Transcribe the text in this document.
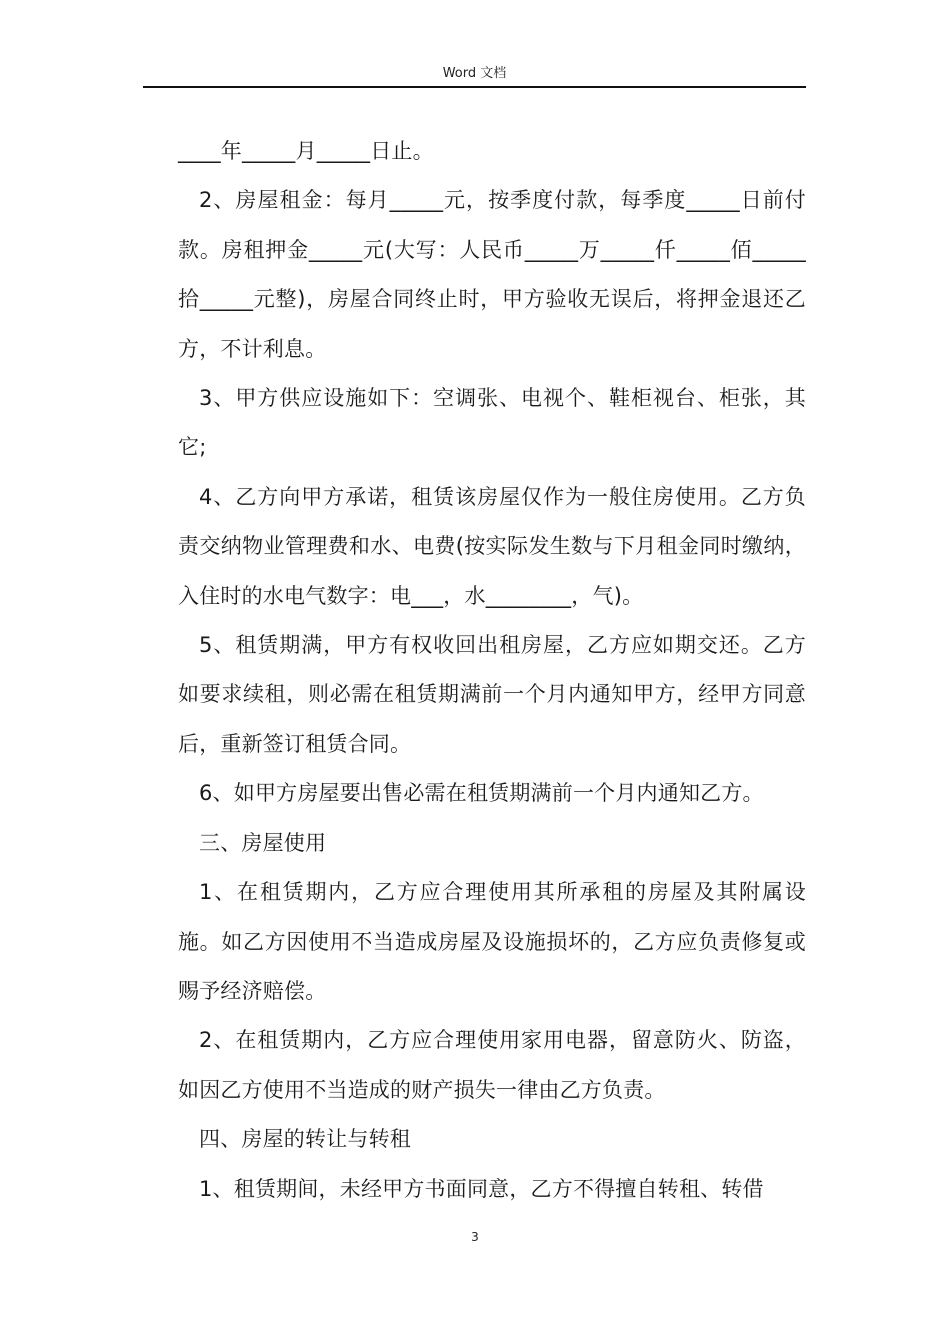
Word 文档

____年_____月_____日止。

2、房屋租金：每月_____元，按季度付款，每季度_____日前付款。房租押金_____元(大写：人民币_____万_____仟_____佰_____拾_____元整)，房屋合同终止时，甲方验收无误后，将押金退还乙方，不计利息。

3、甲方供应设施如下：空调张、电视个、鞋柜视台、柜张，其它;

4、乙方向甲方承诺，租赁该房屋仅作为一般住房使用。乙方负责交纳物业管理费和水、电费(按实际发生数与下月租金同时缴纳，入住时的水电气数字：电___，水________，气)。

5、租赁期满，甲方有权收回出租房屋，乙方应如期交还。乙方如要求续租，则必需在租赁期满前一个月内通知甲方，经甲方同意后，重新签订租赁合同。

6、如甲方房屋要出售必需在租赁期满前一个月内通知乙方。

三、房屋使用

1、在租赁期内，乙方应合理使用其所承租的房屋及其附属设施。如乙方因使用不当造成房屋及设施损坏的，乙方应负责修复或赐予经济赔偿。

2、在租赁期内，乙方应合理使用家用电器，留意防火、防盗，如因乙方使用不当造成的财产损失一律由乙方负责。

四、房屋的转让与转租

1、租赁期间，未经甲方书面同意，乙方不得擅自转租、转借

3
